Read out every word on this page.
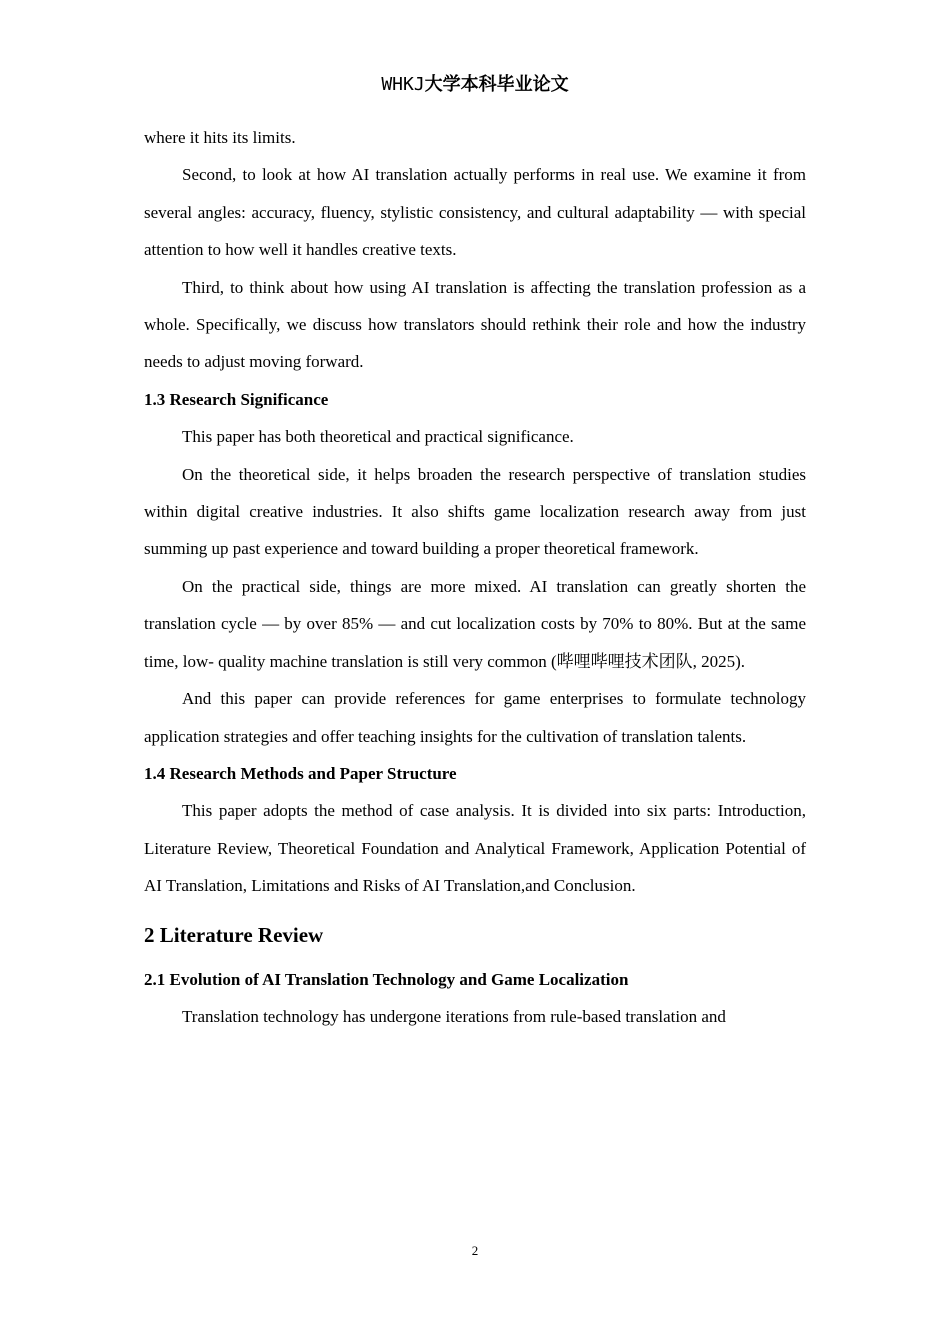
WHKJ大学本科毕业论文

where it hits its limits.

Second, to look at how AI translation actually performs in real use. We examine it from several angles: accuracy, fluency, stylistic consistency, and cultural adaptability — with special attention to how well it handles creative texts.

Third, to think about how using AI translation is affecting the translation profession as a whole. Specifically, we discuss how translators should rethink their role and how the industry needs to adjust moving forward.

1.3 Research Significance

This paper has both theoretical and practical significance.

On the theoretical side, it helps broaden the research perspective of translation studies within digital creative industries. It also shifts game localization research away from just summing up past experience and toward building a proper theoretical framework.

On the practical side, things are more mixed. AI translation can greatly shorten the translation cycle — by over 85% — and cut localization costs by 70% to 80%. But at the same time, low- quality machine translation is still very common (哔哩哔哩技术团队, 2025).

And this paper can provide references for game enterprises to formulate technology application strategies and offer teaching insights for the cultivation of translation talents.

1.4 Research Methods and Paper Structure

This paper adopts the method of case analysis. It is divided into six parts: Introduction, Literature Review, Theoretical Foundation and Analytical Framework, Application Potential of AI Translation, Limitations and Risks of AI Translation,and Conclusion.

2 Literature Review
2.1 Evolution of AI Translation Technology and Game Localization

Translation technology has undergone iterations from rule-based translation and

2
